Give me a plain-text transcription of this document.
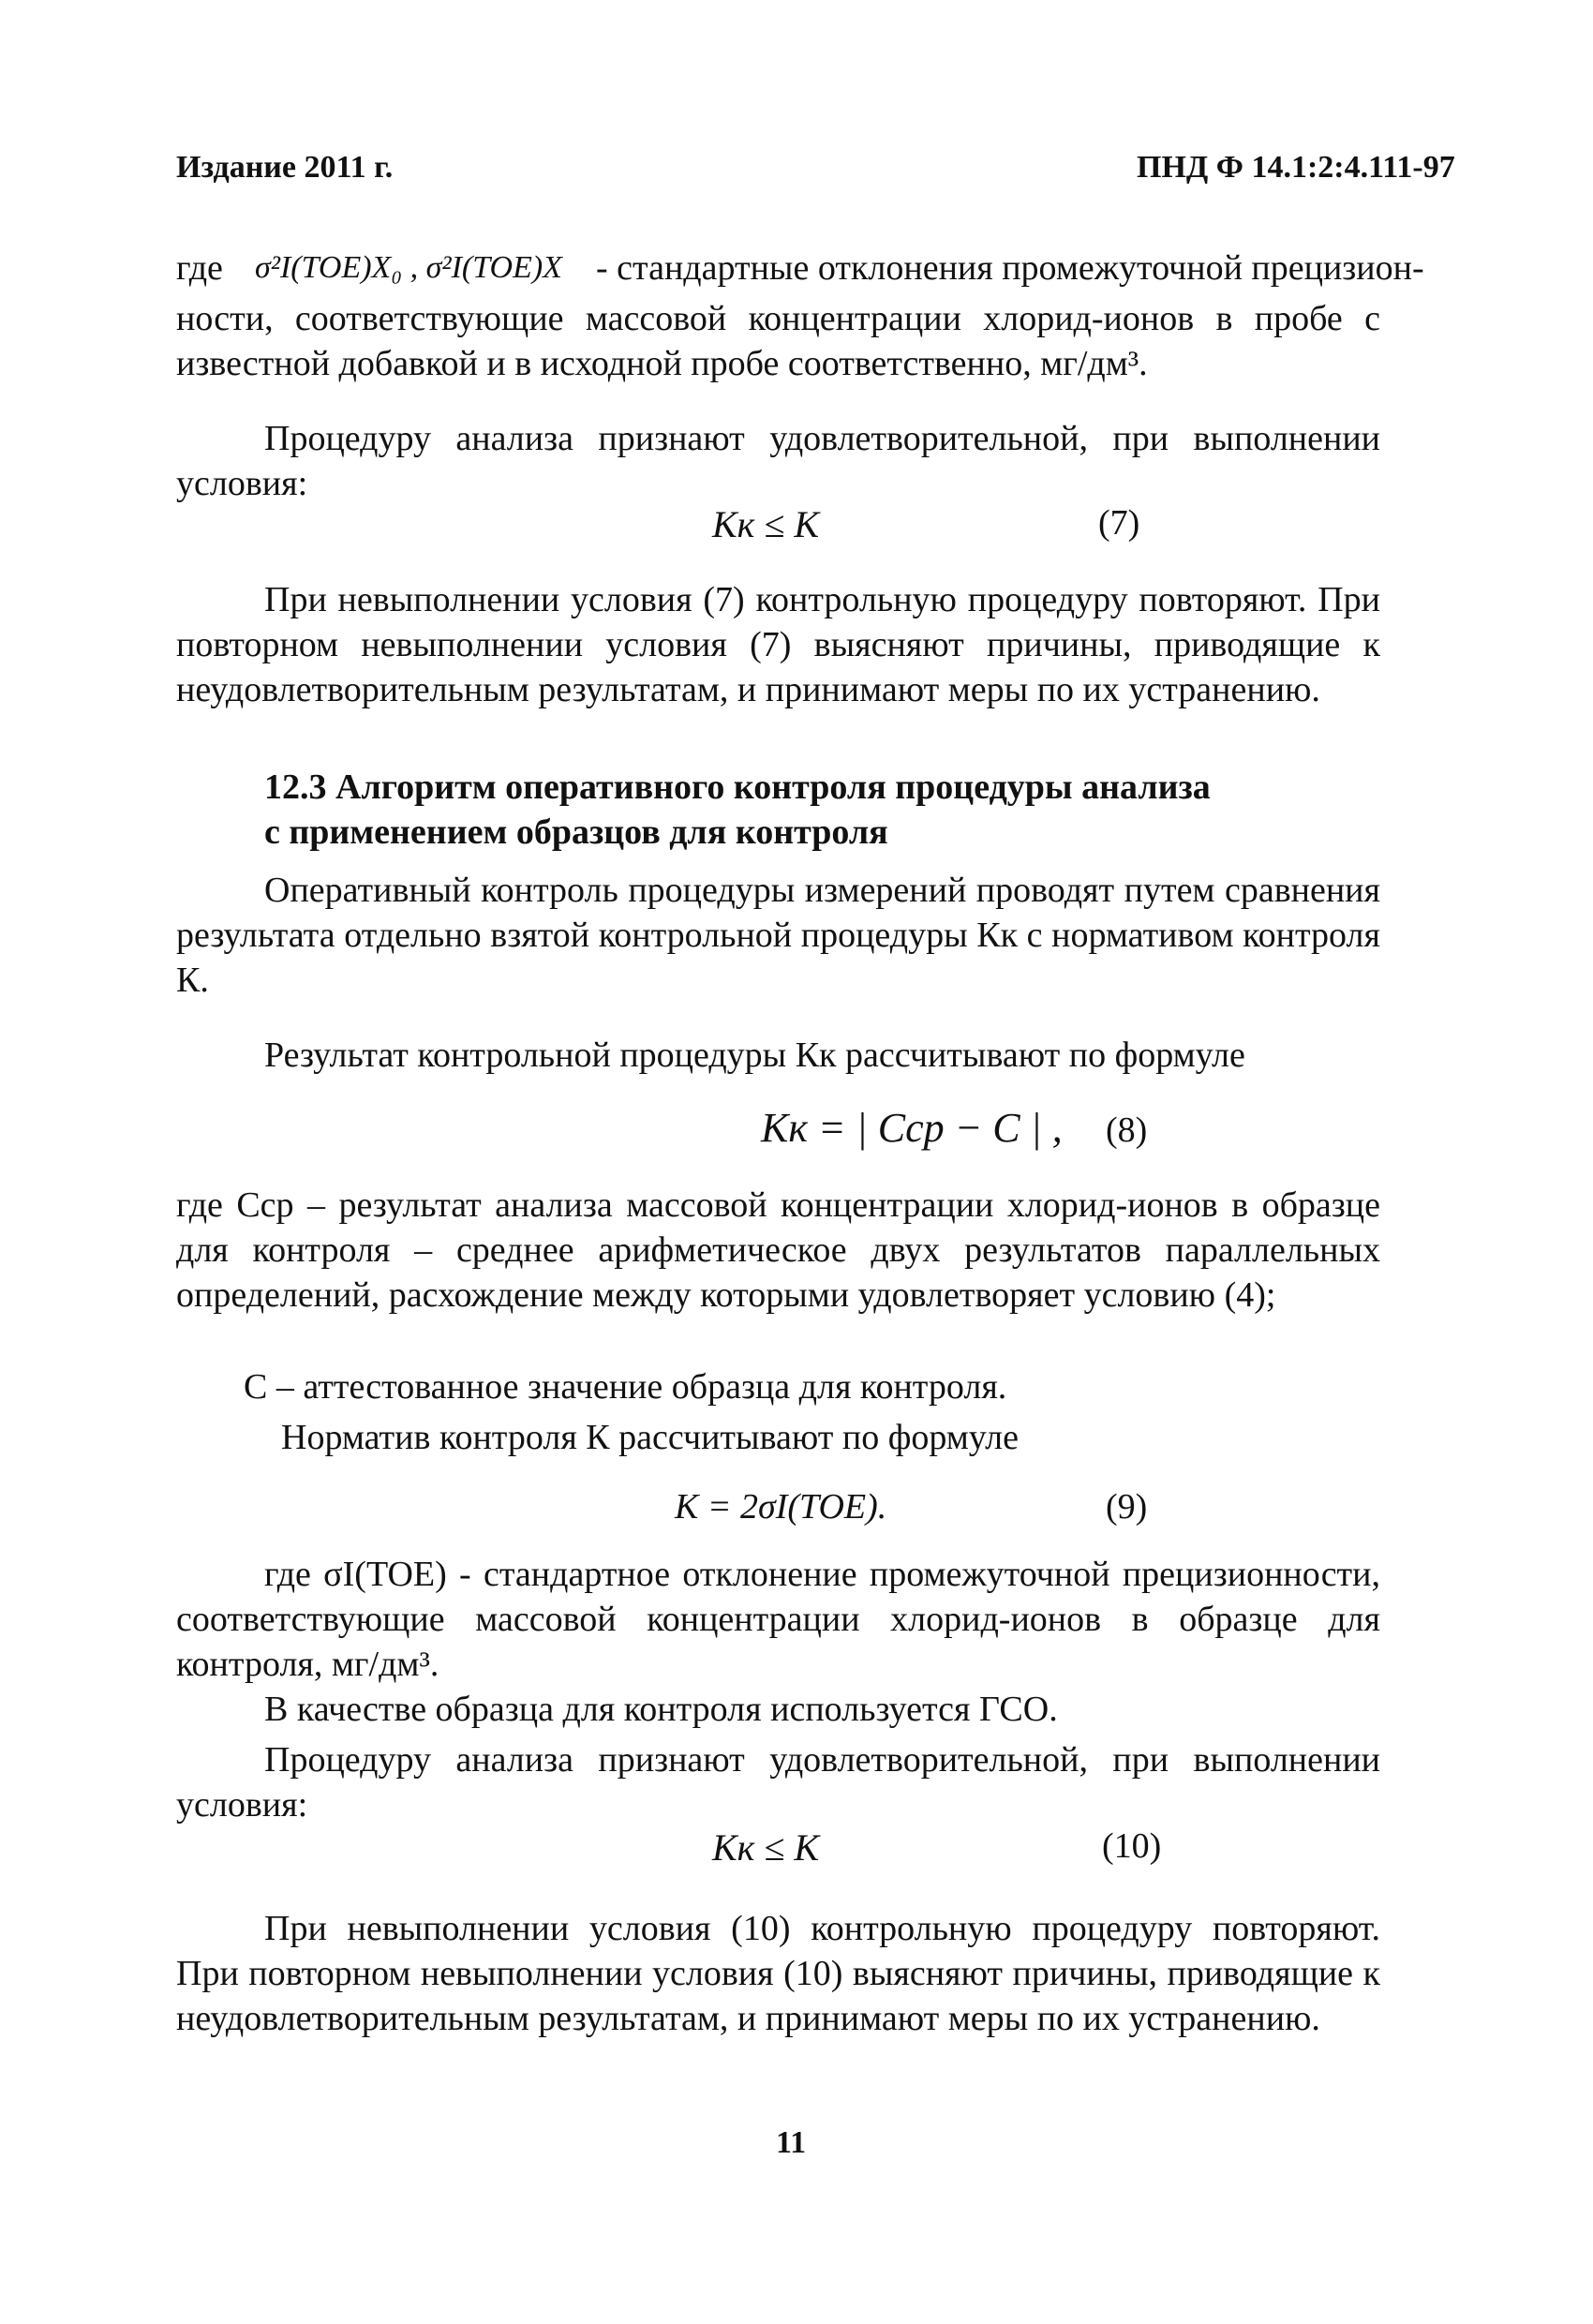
Издание 2011 г.	ПНД Ф 14.1:2:4.111-97
где σ²I(TOE)X₀ , σ²I(TOE)X - стандартные отклонения промежуточной прецизион-
ности, соответствующие массовой концентрации хлорид-ионов в пробе с известной добавкой и в исходной пробе соответственно, мг/дм³.
Процедуру анализа признают удовлетворительной, при выполнении условия:
Kк ≤ K	(7)
При невыполнении условия (7) контрольную процедуру повторяют. При повторном невыполнении условия (7) выясняют причины, приводящие к неудовлетворительным результатам, и принимают меры по их устранению.
12.3 Алгоритм оперативного контроля процедуры анализа
с применением образцов для контроля
Оперативный контроль процедуры измерений проводят путем сравнения результата отдельно взятой контрольной процедуры Кк с нормативом контроля К.
Результат контрольной процедуры Кк рассчитывают по формуле
Kк = | Cср − C | , (8)
где Cср – результат анализа массовой концентрации хлорид-ионов в образце для контроля – среднее арифметическое двух результатов параллельных определений, расхождение между которыми удовлетворяет условию (4);
C – аттестованное значение образца для контроля.
Норматив контроля К рассчитывают по формуле
K = 2σI(TOE).	(9)
где σI(TOE) - стандартное отклонение промежуточной прецизионности, соответствующие массовой концентрации хлорид-ионов в образце для контроля, мг/дм³.
В качестве образца для контроля используется ГСО.
Процедуру анализа признают удовлетворительной, при выполнении условия:
Kк ≤ K	(10)
При невыполнении условия (10) контрольную процедуру повторяют. При повторном невыполнении условия (10) выясняют причины, приводящие к неудовлетворительным результатам, и принимают меры по их устранению.
11
